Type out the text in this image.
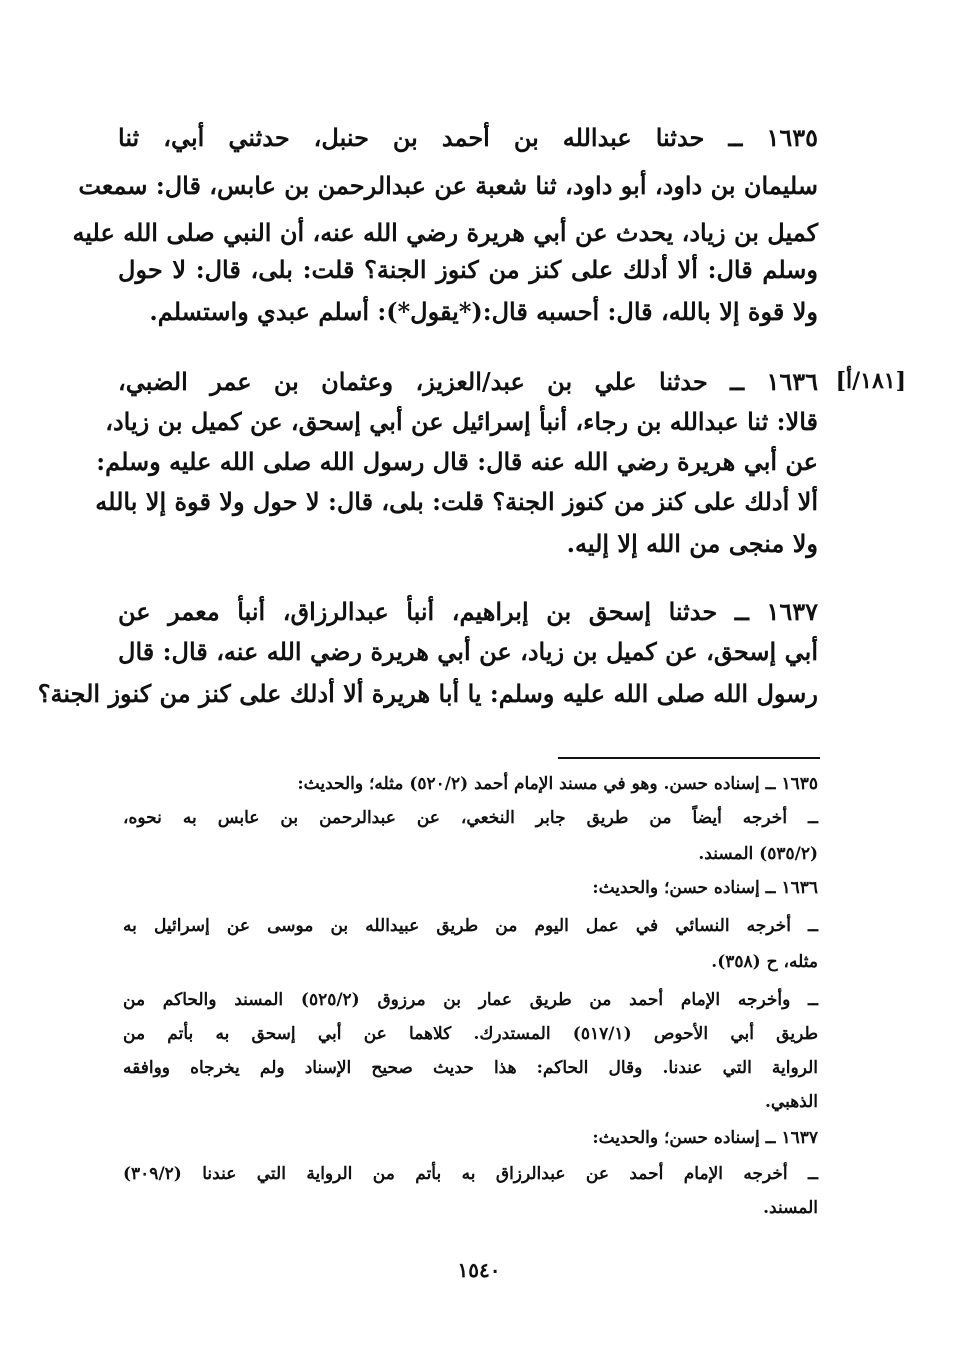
١٦٣٥ ــ حدثنا عبدالله بن أحمد بن حنبل، حدثني أبي، ثنا
سليمان بن داود، أبو داود، ثنا شعبة عن عبدالرحمن بن عابس، قال: سمعت
كميل بن زياد، يحدث عن أبي هريرة رضي الله عنه، أن النبي صلى الله عليه
وسلم قال: ألا أدلك على كنز من كنوز الجنة؟ قلت: بلى، قال: لا حول
ولا قوة إلا بالله، قال: أحسبه قال:(*يقول*): أسلم عبدي واستسلم.
[١٨١/أ]
١٦٣٦ ــ حدثنا علي بن عبد/العزيز، وعثمان بن عمر الضبي،
قالا: ثنا عبدالله بن رجاء، أنبأ إسرائيل عن أبي إسحق، عن كميل بن زياد،
عن أبي هريرة رضي الله عنه قال: قال رسول الله صلى الله عليه وسلم:
ألا أدلك على كنز من كنوز الجنة؟ قلت: بلى، قال: لا حول ولا قوة إلا بالله
ولا منجى من الله إلا إليه.
١٦٣٧ ــ حدثنا إسحق بن إبراهيم، أنبأ عبدالرزاق، أنبأ معمر عن
أبي إسحق، عن كميل بن زياد، عن أبي هريرة رضي الله عنه، قال: قال
رسول الله صلى الله عليه وسلم: يا أبا هريرة ألا أدلك على كنز من كنوز الجنة؟
١٦٣٥ ــ إسناده حسن. وهو في مسند الإمام أحمد (٥٢٠/٢) مثله؛ والحديث:
ــ أخرجه أيضاً من طريق جابر النخعي، عن عبدالرحمن بن عابس به نحوه،
(٥٣٥/٢) المسند.
١٦٣٦ ــ إسناده حسن؛ والحديث:
ــ أخرجه النسائي في عمل اليوم من طريق عبيدالله بن موسى عن إسرائيل به
مثله، ح (٣٥٨).
ــ وأخرجه الإمام أحمد من طريق عمار بن مرزوق (٥٢٥/٢) المسند والحاكم من
طريق أبي الأحوص (٥١٧/١) المستدرك. كلاهما عن أبي إسحق به بأتم من
الرواية التي عندنا. وقال الحاكم: هذا حديث صحيح الإسناد ولم يخرجاه ووافقه
الذهبي.
١٦٣٧ ــ إسناده حسن؛ والحديث:
ــ أخرجه الإمام أحمد عن عبدالرزاق به بأتم من الرواية التي عندنا (٣٠٩/٢)
المسند.
١٥٤٠
